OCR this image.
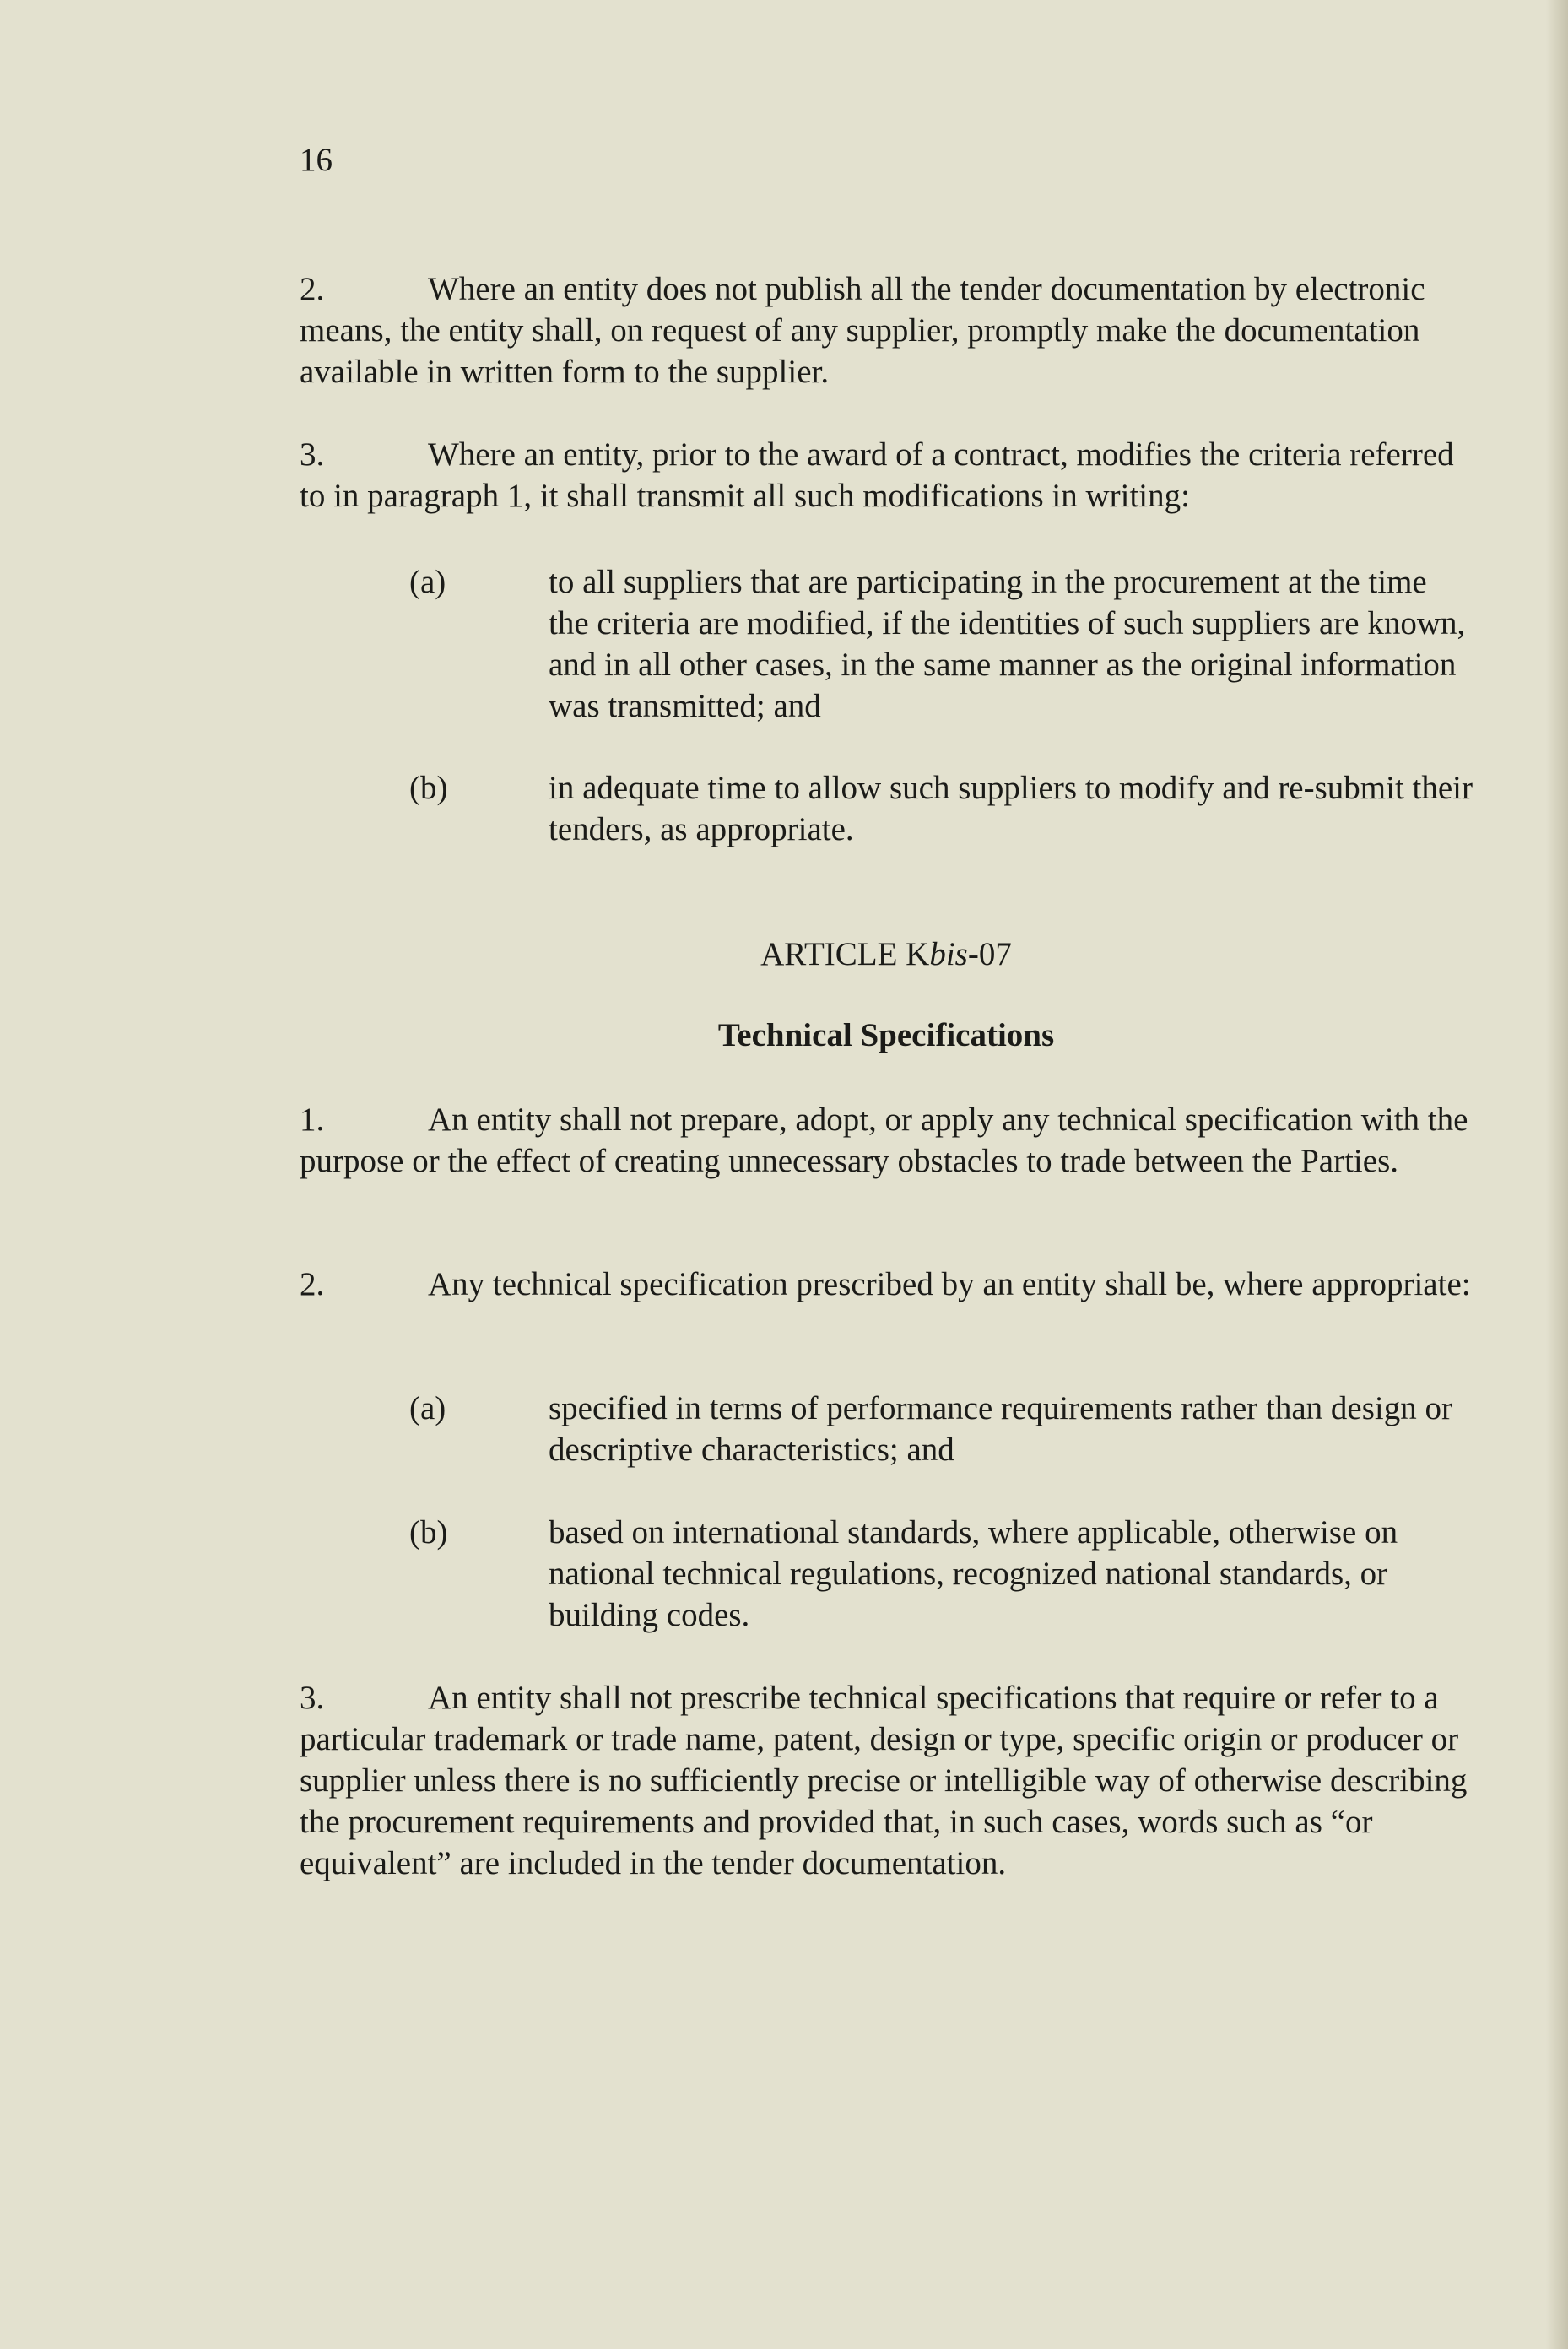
16
2.	Where an entity does not publish all the tender documentation by electronic means, the entity shall, on request of any supplier, promptly make the documentation available in written form to the supplier.
3.	Where an entity, prior to the award of a contract, modifies the criteria referred to in paragraph 1, it shall transmit all such modifications in writing:
(a)	to all suppliers that are participating in the procurement at the time the criteria are modified, if the identities of such suppliers are known, and in all other cases, in the same manner as the original information was transmitted; and
(b)	in adequate time to allow such suppliers to modify and re-submit their tenders, as appropriate.
ARTICLE Kbis-07
Technical Specifications
1.	An entity shall not prepare, adopt, or apply any technical specification with the purpose or the effect of creating unnecessary obstacles to trade between the Parties.
2.	Any technical specification prescribed by an entity shall be, where appropriate:
(a)	specified in terms of performance requirements rather than design or descriptive characteristics; and
(b)	based on international standards, where applicable, otherwise on national technical regulations, recognized national standards, or building codes.
3.	An entity shall not prescribe technical specifications that require or refer to a particular trademark or trade name, patent, design or type, specific origin or producer or supplier unless there is no sufficiently precise or intelligible way of otherwise describing the procurement requirements and provided that, in such cases, words such as “or equivalent” are included in the tender documentation.
